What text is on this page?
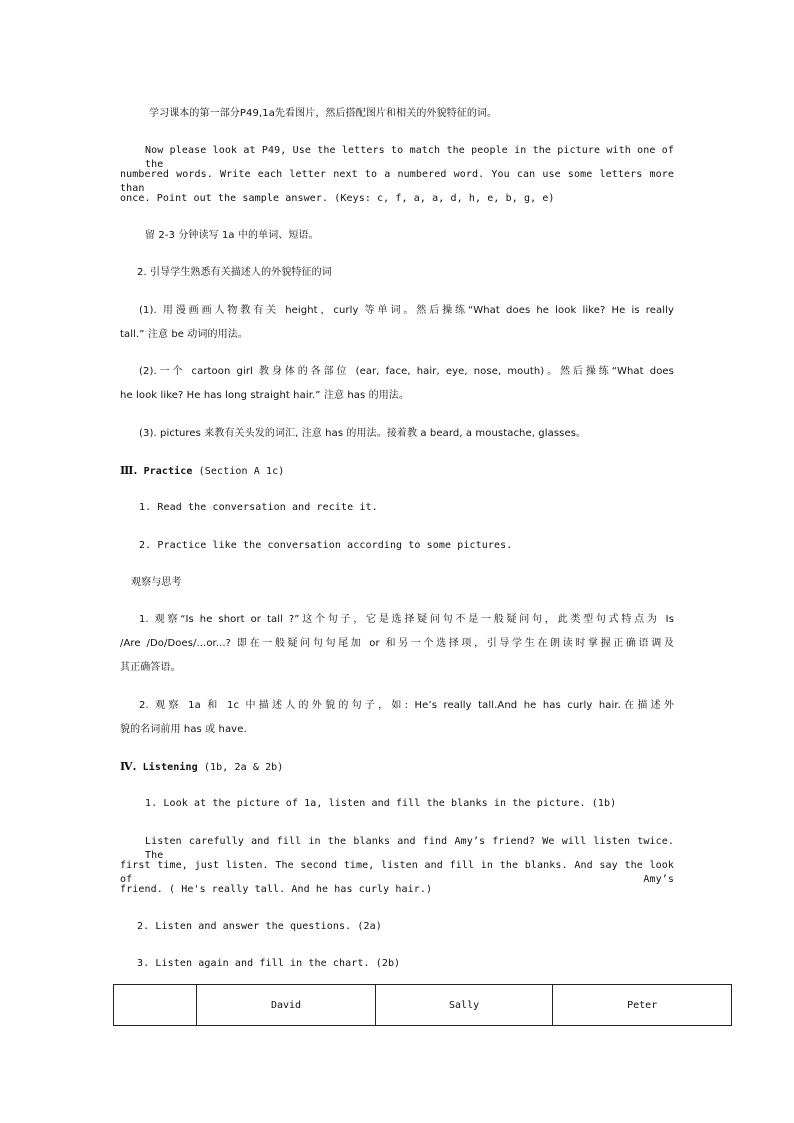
学习课本的第一部分P49,1a先看图片，然后搭配图片和相关的外貌特征的词。
Now please look at P49, Use the letters to match the people in the picture with one of the
numbered words. Write each letter next to a numbered word. You can use some letters more than
once. Point out the sample answer. (Keys: c, f, a, a, d, h, e, b, g, e)
留 2-3 分钟读写 1a 中的单词、短语。
2. 引导学生熟悉有关描述人的外貌特征的词
(1). 用漫画画人物教有关 height，curly 等单词。然后操练“What does he look like? He is really
tall.” 注意 be 动词的用法。
(2).一个 cartoon girl 教身体的各部位 (ear, face, hair, eye, nose, mouth)。然后操练“What does
he look like? He has long straight hair.” 注意 has 的用法。
(3). pictures 来教有关头发的词汇, 注意 has 的用法。接着教 a beard, a moustache, glasses。
Ⅲ. Practice (Section A 1c)
1. Read the conversation and recite it.
2. Practice like the conversation according to some pictures.
观察与思考
1. 观察“Is he short or tall ?”这个句子，它是选择疑问句不是一般疑问句，此类型句式特点为 Is
/Are /Do/Does/...or...? 即在一般疑问句句尾加 or 和另一个选择项，引导学生在朗读时掌握正确语调及
其正确答语。
2. 观察 1a 和 1c 中描述人的外貌的句子，如: He’s really tall.And he has curly hair.在描述外
貌的名词前用 has 或 have.
Ⅳ. Listening (1b, 2a & 2b)
1. Look at the picture of 1a, listen and fill the blanks in the picture. (1b)
Listen carefully and fill in the blanks and find Amy’s friend? We will listen twice. The
first time, just listen. The second time, listen and fill in the blanks. And say the look of Amy’s
friend. ( He's really tall. And he has curly hair.)
2. Listen and answer the questions. (2a)
3. Listen again and fill in the chart. (2b)
	David	Sally	Peter
